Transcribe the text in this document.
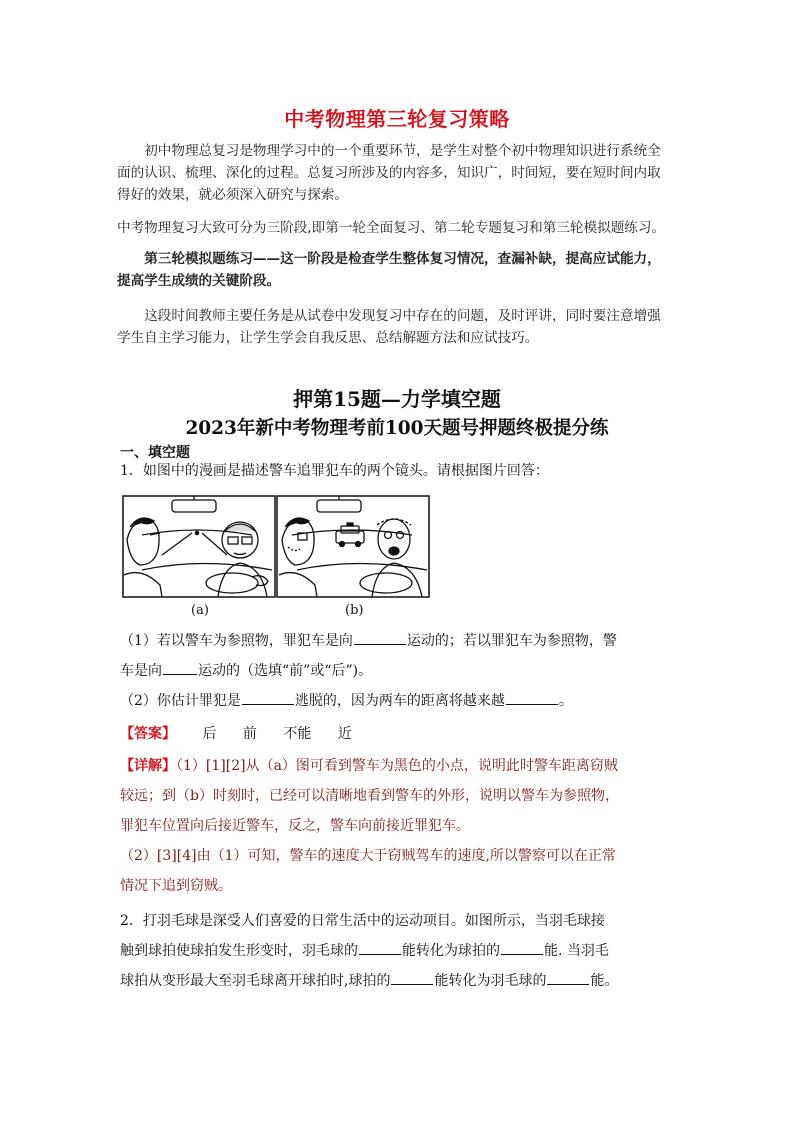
中考物理第三轮复习策略
初中物理总复习是物理学习中的一个重要环节，是学生对整个初中物理知识进行系统全
面的认识、梳理、深化的过程。总复习所涉及的内容多，知识广，时间短，要在短时间内取
得好的效果，就必须深入研究与探索。
中考物理复习大致可分为三阶段,即第一轮全面复习、第二轮专题复习和第三轮模拟题练习。
第三轮模拟题练习——这一阶段是检查学生整体复习情况，查漏补缺，提高应试能力，
提高学生成绩的关键阶段。
这段时间教师主要任务是从试卷中发现复习中存在的问题，及时评讲，同时要注意增强
学生自主学习能力，让学生学会自我反思、总结解题方法和应试技巧。
押第15题—力学填空题
2023年新中考物理考前100天题号押题终极提分练
一、填空题
1．如图中的漫画是描述警车追罪犯车的两个镜头。请根据图片回答：
(a)	(b)
（1）若以警车为参照物，罪犯车是向	运动的；若以罪犯车为参照物，警
车是向	运动的（选填“前”或“后”)。
（2）你估计罪犯是	逃脱的，因为两车的距离将越来越	。
【答案】 后 前 不能 近
【详解】（1）[1][2]从（a）图可看到警车为黑色的小点，说明此时警车距离窃贼
较远；到（b）时刻时，已经可以清晰地看到警车的外形，说明以警车为参照物，
罪犯车位置向后接近警车，反之，警车向前接近罪犯车。
（2）[3][4]由（1）可知，警车的速度大于窃贼驾车的速度,所以警察可以在正常
情况下追到窃贼。
2．打羽毛球是深受人们喜爱的日常生活中的运动项目。如图所示，当羽毛球接
触到球拍使球拍发生形变时，羽毛球的	能转化为球拍的	能. 当羽毛
球拍从变形最大至羽毛球离开球拍时,球拍的	能转化为羽毛球的	能。
